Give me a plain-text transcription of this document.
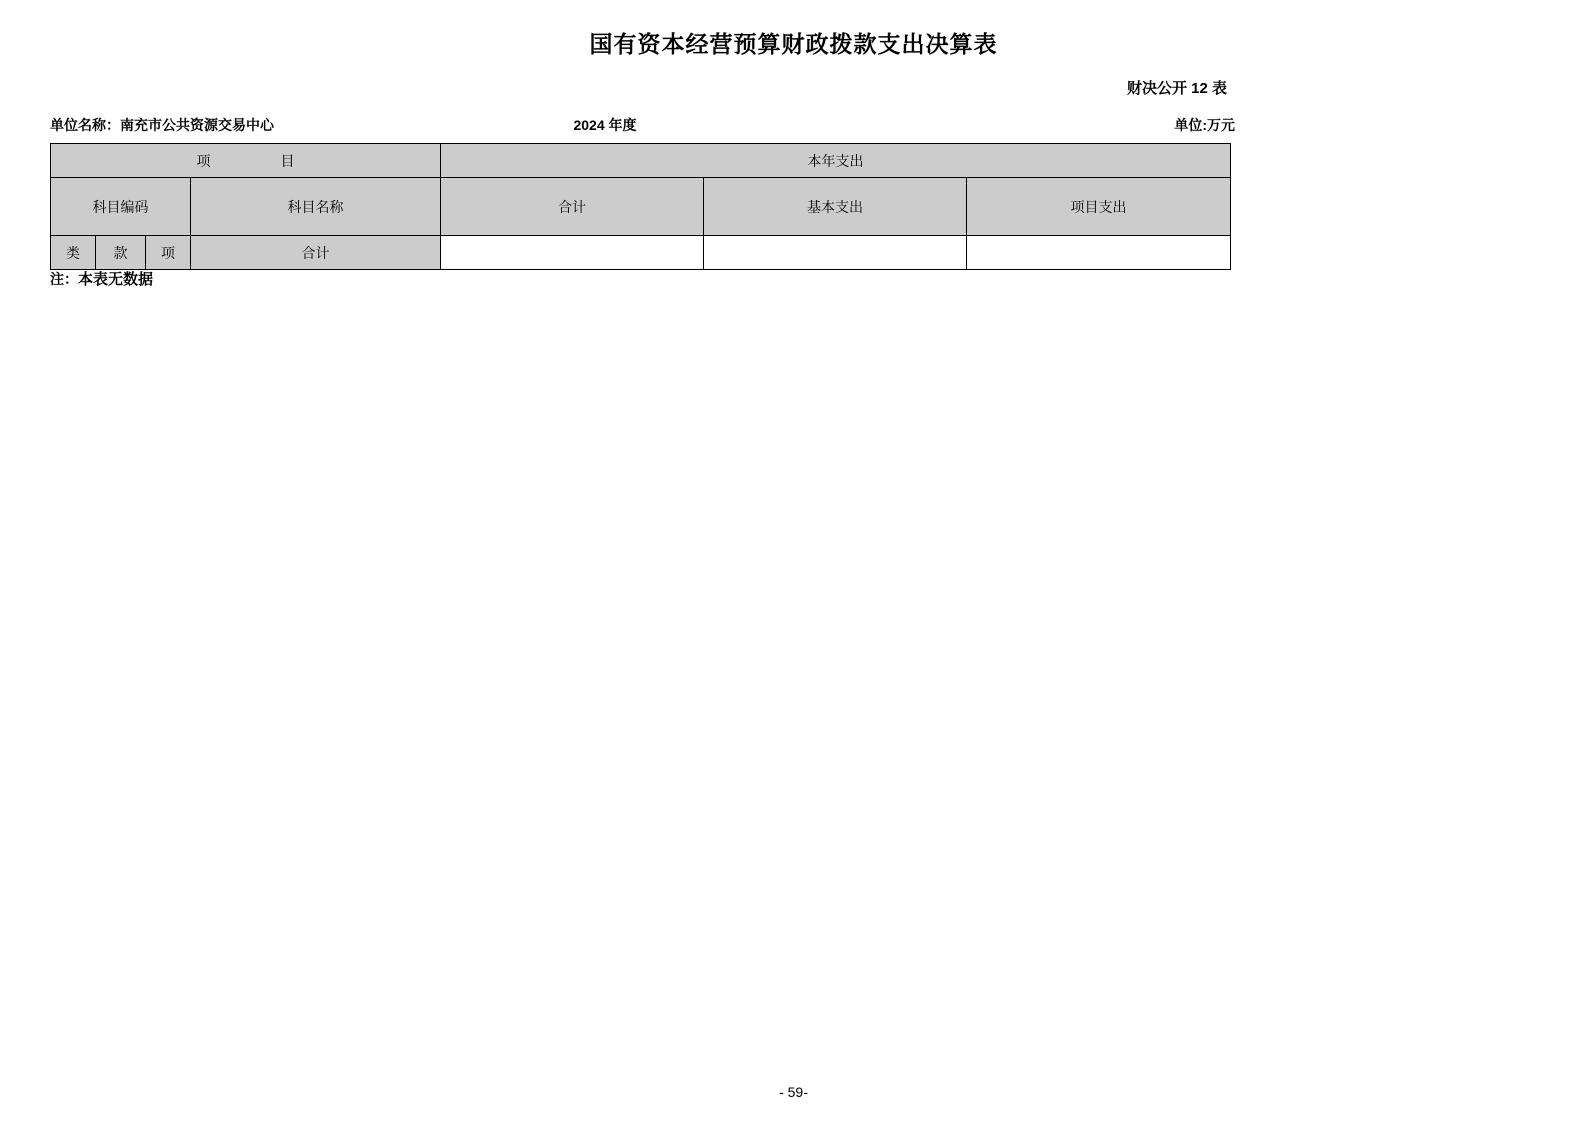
国有资本经营预算财政拨款支出决算表
财决公开 12 表
单位名称：南充市公共资源交易中心	2024 年度	单位:万元
项　　目				本年支出		
科目编码			科目名称	合计	基本支出	项目支出
类	款	项	合计			
注：本表无数据
- 59-
